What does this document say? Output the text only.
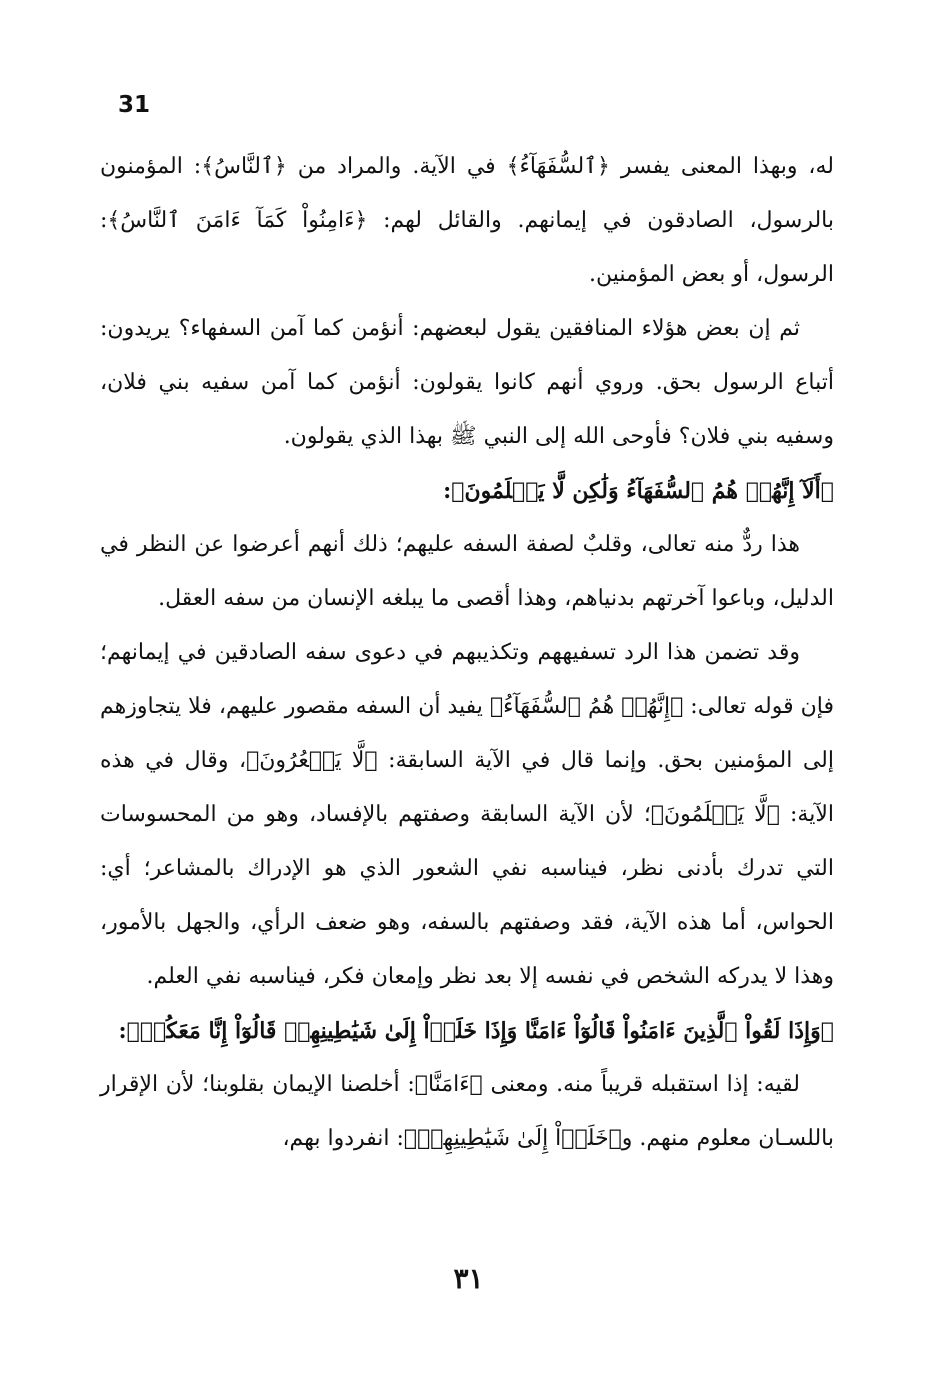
31

له، وبهذا المعنى يفسر ﴿ٱلسُّفَهَآءُ﴾ في الآية. والمراد من ﴿ٱلنَّاسُ﴾: المؤمنون بالرسول، الصادقون في إيمانهم. والقائل لهم: ﴿ءَامِنُواْ كَمَآ ءَامَنَ ٱلنَّاسُ﴾: الرسول، أو بعض المؤمنين.

ثم إن بعض هؤلاء المنافقين يقول لبعضهم: أنؤمن كما آمن السفهاء؟ يريدون: أتباع الرسول بحق. وروي أنهم كانوا يقولون: أنؤمن كما آمن سفيه بني فلان، وسفيه بني فلان؟ فأوحى الله إلى النبي ﷺ بهذا الذي يقولون.

﴿أَلَآ إِنَّهُمۡ هُمُ ٱلسُّفَهَآءُ وَلَٰكِن لَّا يَعۡلَمُونَ﴾:

هذا ردٌّ منه تعالى، وقلبٌ لصفة السفه عليهم؛ ذلك أنهم أعرضوا عن النظر في الدليل، وباعوا آخرتهم بدنياهم، وهذا أقصى ما يبلغه الإنسان من سفه العقل.

وقد تضمن هذا الرد تسفيههم وتكذيبهم في دعوى سفه الصادقين في إيمانهم؛ فإن قوله تعالى: ﴿إِنَّهُمۡ هُمُ ٱلسُّفَهَآءُ﴾ يفيد أن السفه مقصور عليهم، فلا يتجاوزهم إلى المؤمنين بحق. وإنما قال في الآية السابقة: ﴿لَّا يَشۡعُرُونَ﴾، وقال في هذه الآية: ﴿لَّا يَعۡلَمُونَ﴾؛ لأن الآية السابقة وصفتهم بالإفساد، وهو من المحسوسات التي تدرك بأدنى نظر، فيناسبه نفي الشعور الذي هو الإدراك بالمشاعر؛ أي: الحواس، أما هذه الآية، فقد وصفتهم بالسفه، وهو ضعف الرأي، والجهل بالأمور، وهذا لا يدركه الشخص في نفسه إلا بعد نظر وإمعان فكر، فيناسبه نفي العلم.

﴿وَإِذَا لَقُواْ ٱلَّذِينَ ءَامَنُواْ قَالُوٓاْ ءَامَنَّا وَإِذَا خَلَوۡاْ إِلَىٰ شَيَٰطِينِهِمۡ قَالُوٓاْ إِنَّا مَعَكُمۡ﴾:

لقيه: إذا استقبله قريباً منه. ومعنى ﴿ءَامَنَّا﴾: أخلصنا الإيمان بقلوبنا؛ لأن الإقرار باللسـان معلوم منهم. و﴿خَلَوۡاْ إِلَىٰ شَيَٰطِينِهِمۡ﴾: انفردوا بهم،

٣١
